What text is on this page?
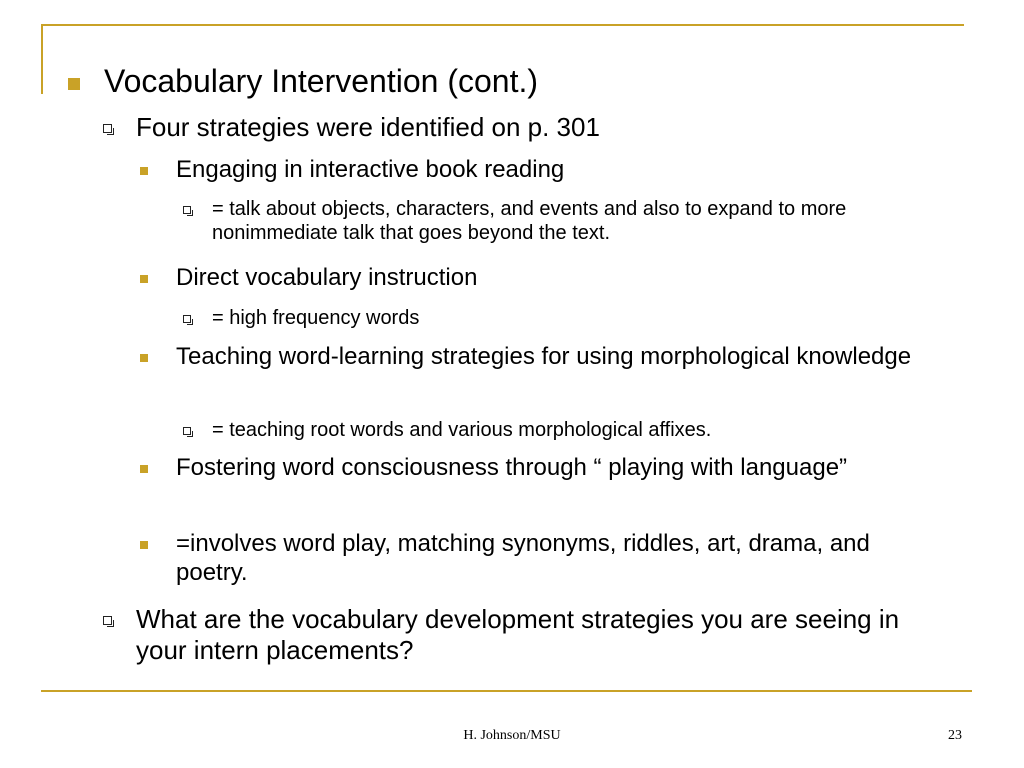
Vocabulary Intervention (cont.)
Four strategies were identified on p. 301
Engaging in interactive book reading
= talk about objects, characters, and events and also to expand to more nonimmediate talk that goes beyond the text.
Direct vocabulary instruction
= high frequency words
Teaching word-learning strategies for using morphological knowledge
= teaching root words and various morphological affixes.
Fostering word consciousness through “ playing with language”
=involves word play, matching synonyms, riddles, art, drama, and poetry.
What are the vocabulary development strategies you are seeing in your intern placements?
H. Johnson/MSU	23
